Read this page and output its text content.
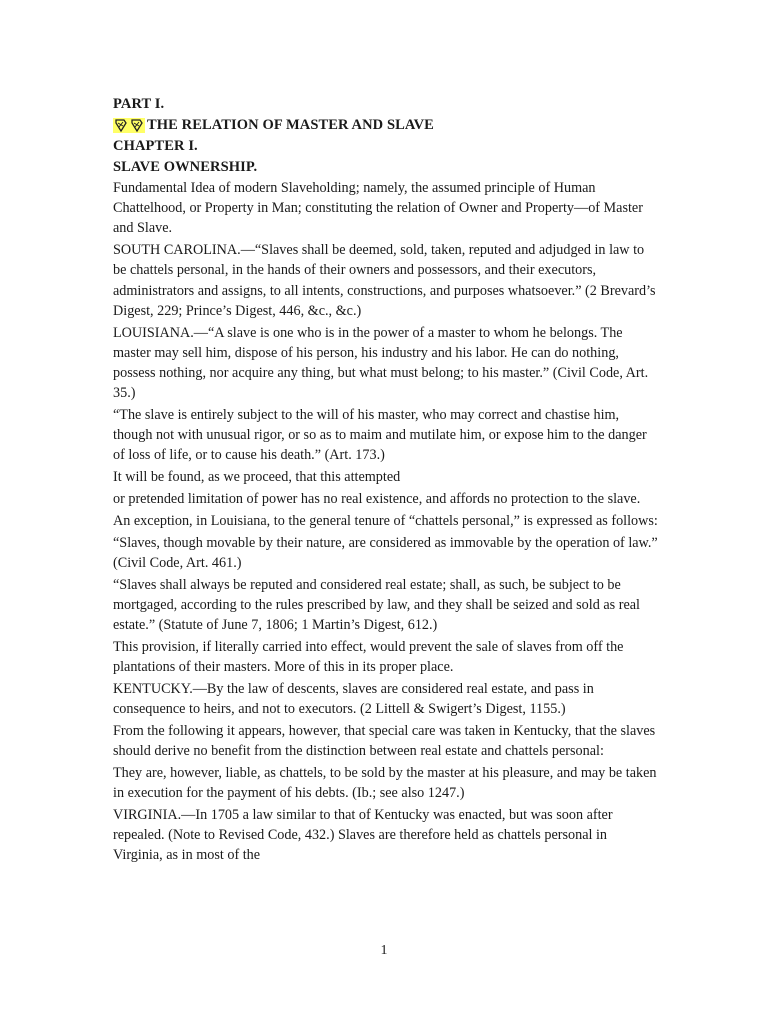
PART I.
THE RELATION OF MASTER AND SLAVE
CHAPTER I.
SLAVE OWNERSHIP.

Fundamental Idea of modern Slaveholding; namely, the assumed principle of Human Chattelhood, or Property in Man; constituting the relation of Owner and Property—of Master and Slave.

SOUTH CAROLINA.—“Slaves shall be deemed, sold, taken, reputed and adjudged in law to be chattels personal, in the hands of their owners and possessors, and their executors, administrators and assigns, to all intents, constructions, and purposes whatsoever.” (2 Brevard’s Digest, 229; Prince’s Digest, 446, &c., &c.)

LOUISIANA.—“A slave is one who is in the power of a master to whom he belongs. The master may sell him, dispose of his person, his industry and his labor. He can do nothing, possess nothing, nor acquire any thing, but what must belong; to his master.” (Civil Code, Art. 35.)

“The slave is entirely subject to the will of his master, who may correct and chastise him, though not with unusual rigor, or so as to maim and mutilate him, or expose him to the danger of loss of life, or to cause his death.” (Art. 173.)

It will be found, as we proceed, that this attempted

or pretended limitation of power has no real existence, and affords no protection to the slave.

An exception, in Louisiana, to the general tenure of “chattels personal,” is expressed as follows:

“Slaves, though movable by their nature, are considered as immovable by the operation of law.” (Civil Code, Art. 461.)

“Slaves shall always be reputed and considered real estate; shall, as such, be subject to be mortgaged, according to the rules prescribed by law, and they shall be seized and sold as real estate.” (Statute of June 7, 1806; 1 Martin’s Digest, 612.)

This provision, if literally carried into effect, would prevent the sale of slaves from off the plantations of their masters. More of this in its proper place.

KENTUCKY.—By the law of descents, slaves are considered real estate, and pass in consequence to heirs, and not to executors. (2 Littell & Swigert’s Digest, 1155.)

From the following it appears, however, that special care was taken in Kentucky, that the slaves should derive no benefit from the distinction between real estate and chattels personal:

They are, however, liable, as chattels, to be sold by the master at his pleasure, and may be taken in execution for the payment of his debts. (Ib.; see also 1247.)

VIRGINIA.—In 1705 a law similar to that of Kentucky was enacted, but was soon after repealed. (Note to Revised Code, 432.) Slaves are therefore held as chattels personal in Virginia, as in most of the

1
